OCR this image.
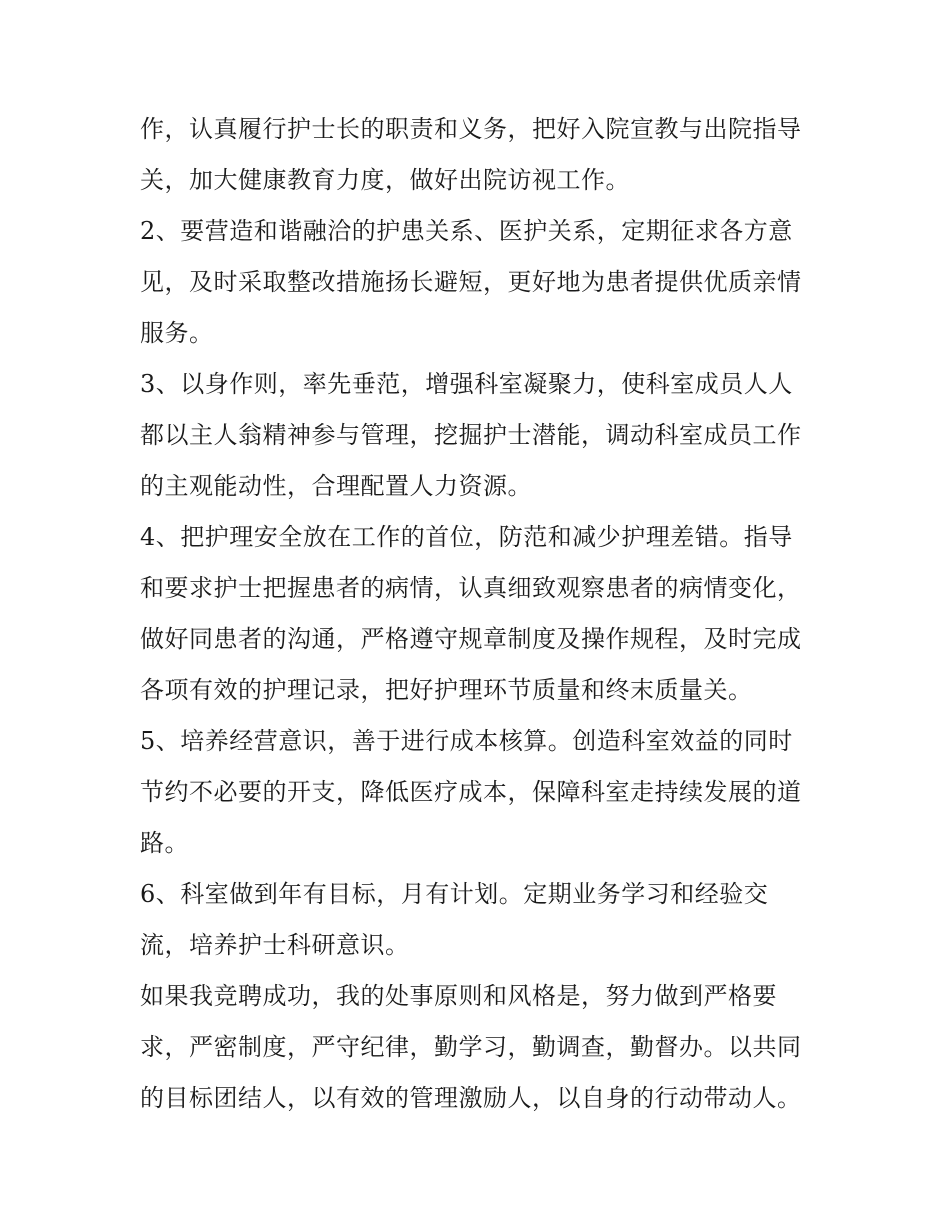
作，认真履行护士长的职责和义务，把好入院宣教与出院指导
关，加大健康教育力度，做好出院访视工作。
2、要营造和谐融洽的护患关系、医护关系，定期征求各方意
见，及时采取整改措施扬长避短，更好地为患者提供优质亲情
服务。
3、以身作则，率先垂范，增强科室凝聚力，使科室成员人人
都以主人翁精神参与管理，挖掘护士潜能，调动科室成员工作
的主观能动性，合理配置人力资源。
4、把护理安全放在工作的首位，防范和减少护理差错。指导
和要求护士把握患者的病情，认真细致观察患者的病情变化，
做好同患者的沟通，严格遵守规章制度及操作规程，及时完成
各项有效的护理记录，把好护理环节质量和终末质量关。
5、培养经营意识，善于进行成本核算。创造科室效益的同时
节约不必要的开支，降低医疗成本，保障科室走持续发展的道
路。
6、科室做到年有目标，月有计划。定期业务学习和经验交
流，培养护士科研意识。
如果我竞聘成功，我的处事原则和风格是，努力做到严格要
求，严密制度，严守纪律，勤学习，勤调查，勤督办。以共同
的目标团结人，以有效的管理激励人，以自身的行动带动人。
